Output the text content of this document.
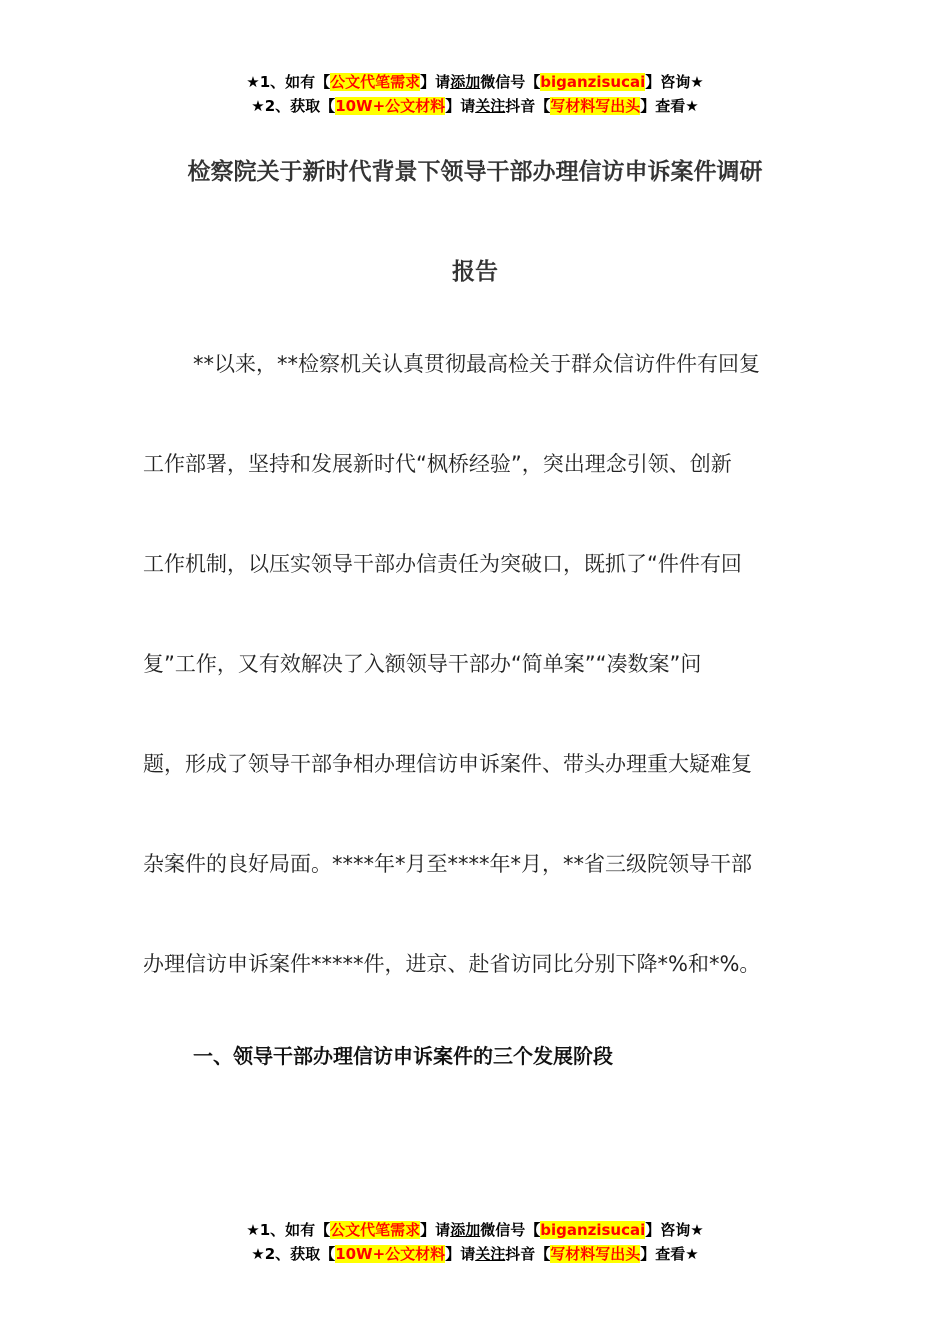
★1、如有【公文代笔需求】请添加微信号【biganzisucai】咨询★
★2、获取【10W+公文材料】请关注抖音【写材料写出头】查看★
检察院关于新时代背景下领导干部办理信访申诉案件调研
报告
**以来，**检察机关认真贯彻最高检关于群众信访件件有回复
工作部署，坚持和发展新时代“枫桥经验”，突出理念引领、创新
工作机制，以压实领导干部办信责任为突破口，既抓了“件件有回
复”工作，又有效解决了入额领导干部办“简单案”“凑数案”问
题，形成了领导干部争相办理信访申诉案件、带头办理重大疑难复
杂案件的良好局面。****年*月至****年*月，**省三级院领导干部
办理信访申诉案件*****件，进京、赴省访同比分别下降*%和*%。
一、领导干部办理信访申诉案件的三个发展阶段
★1、如有【公文代笔需求】请添加微信号【biganzisucai】咨询★
★2、获取【10W+公文材料】请关注抖音【写材料写出头】查看★
